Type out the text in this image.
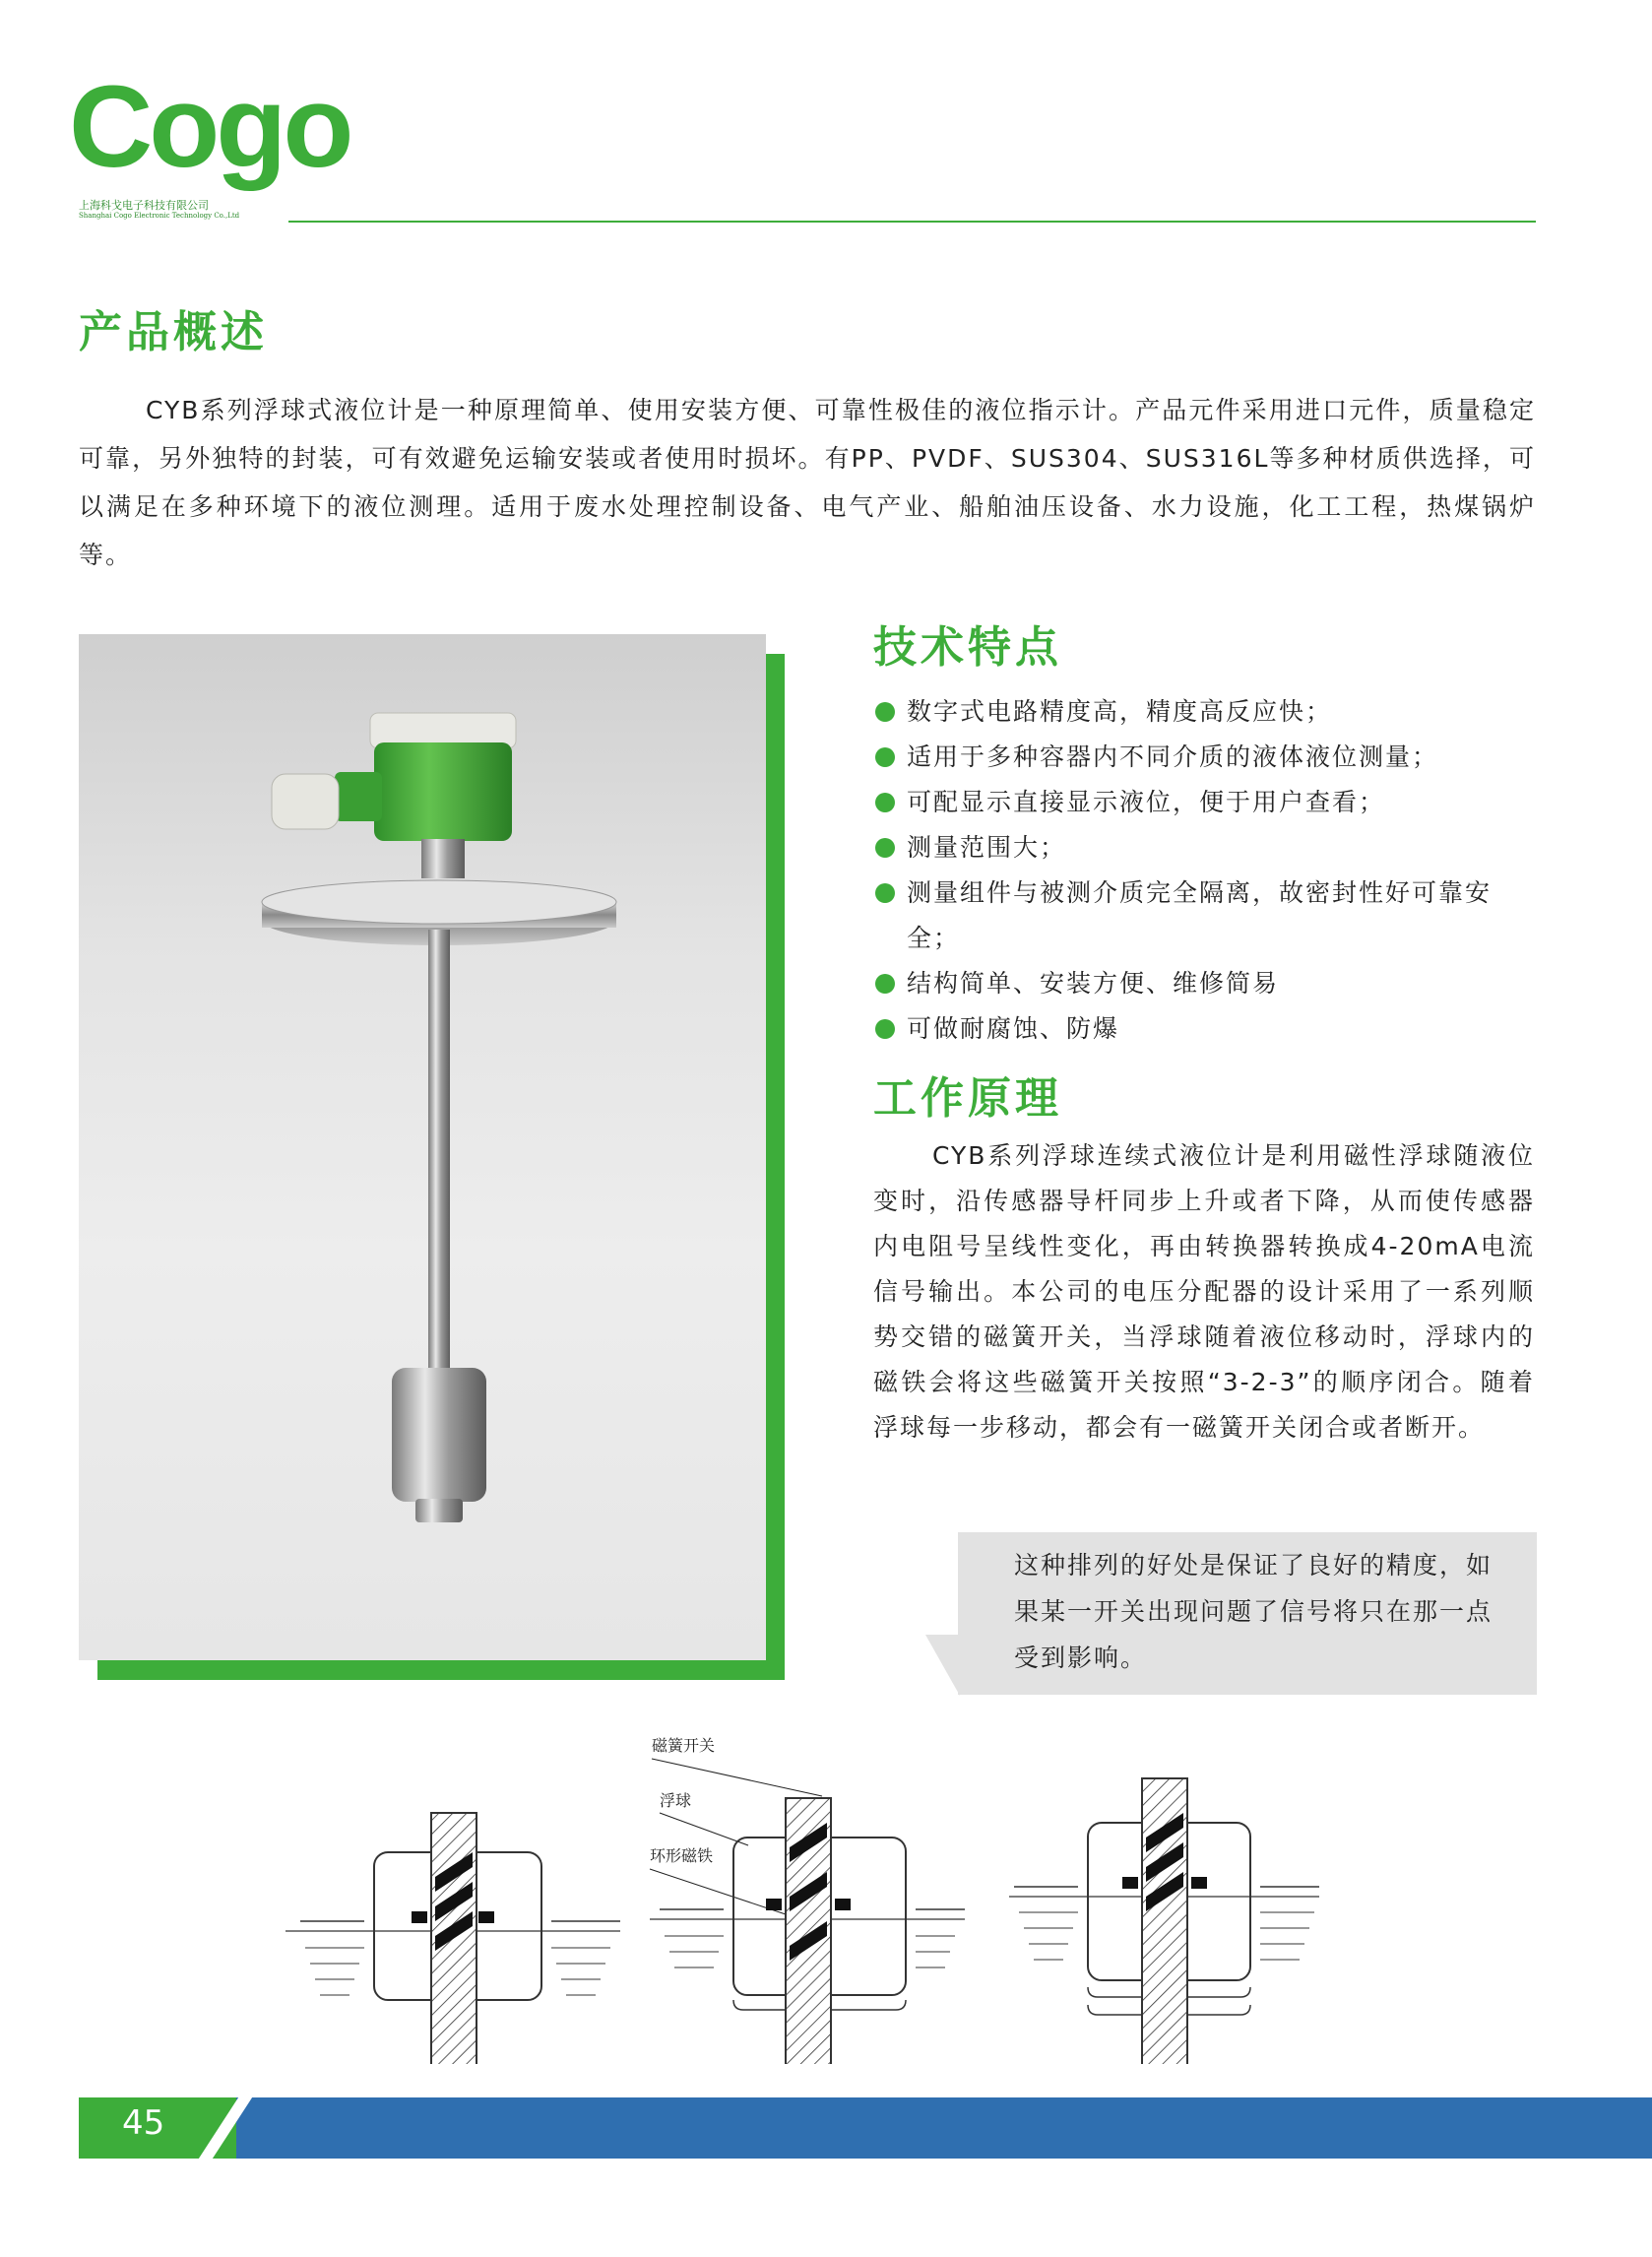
Cogo
上海科戈电子科技有限公司
Shanghai Cogo Electronic Technology Co.,Ltd
产品概述
CYB系列浮球式液位计是一种原理简单、使用安装方便、可靠性极佳的液位指示计。产品元件采用进口元件，质量稳定可靠，另外独特的封装，可有效避免运输安装或者使用时损坏。有PP、PVDF、SUS304、SUS316L等多种材质供选择，可以满足在多种环境下的液位测理。适用于废水处理控制设备、电气产业、船舶油压设备、水力设施，化工工程，热煤锅炉等。
技术特点
数字式电路精度高，精度高反应快；
适用于多种容器内不同介质的液体液位测量；
可配显示直接显示液位，便于用户查看；
测量范围大；
测量组件与被测介质完全隔离，故密封性好可靠安全；
结构简单、安装方便、维修简易
可做耐腐蚀、防爆
工作原理
CYB系列浮球连续式液位计是利用磁性浮球随液位变时，沿传感器导杆同步上升或者下降，从而使传感器内电阻号呈线性变化，再由转换器转换成4-20mA电流信号输出。本公司的电压分配器的设计采用了一系列顺势交错的磁簧开关，当浮球随着液位移动时，浮球内的磁铁会将这些磁簧开关按照“3-2-3”的顺序闭合。随着浮球每一步移动，都会有一磁簧开关闭合或者断开。
这种排列的好处是保证了良好的精度，如果某一开关出现问题了信号将只在那一点受到影响。
磁簧开关
浮球
环形磁铁
45
